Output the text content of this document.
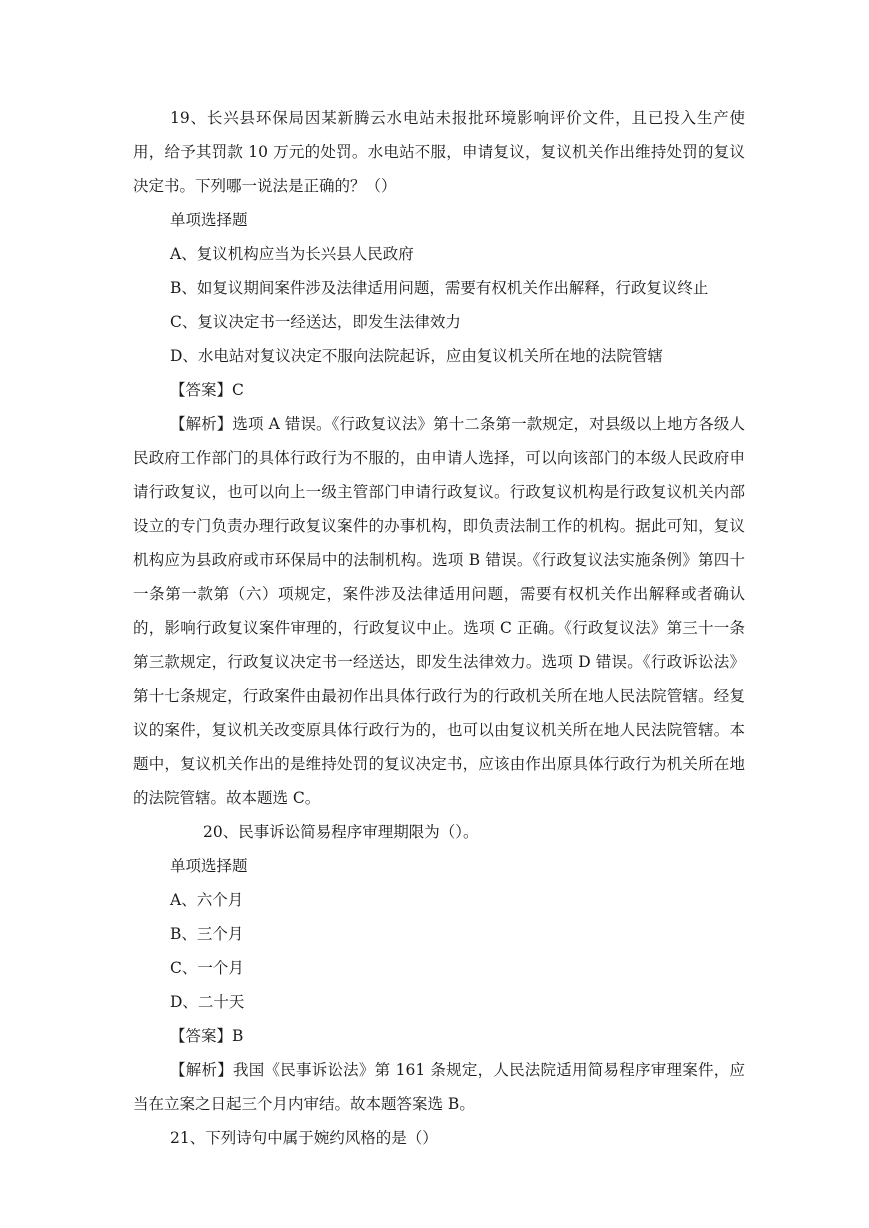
19、长兴县环保局因某新腾云水电站未报批环境影响评价文件，且已投入生产使用，给予其罚款 10 万元的处罚。水电站不服，申请复议，复议机关作出维持处罚的复议决定书。下列哪一说法是正确的？（）

单项选择题

A、复议机构应当为长兴县人民政府

B、如复议期间案件涉及法律适用问题，需要有权机关作出解释，行政复议终止

C、复议决定书一经送达，即发生法律效力

D、水电站对复议决定不服向法院起诉，应由复议机关所在地的法院管辖

【答案】C

【解析】选项 A 错误。《行政复议法》第十二条第一款规定，对县级以上地方各级人民政府工作部门的具体行政行为不服的，由申请人选择，可以向该部门的本级人民政府申请行政复议，也可以向上一级主管部门申请行政复议。行政复议机构是行政复议机关内部设立的专门负责办理行政复议案件的办事机构，即负责法制工作的机构。据此可知，复议机构应为县政府或市环保局中的法制机构。选项 B 错误。《行政复议法实施条例》第四十一条第一款第（六）项规定，案件涉及法律适用问题，需要有权机关作出解释或者确认的，影响行政复议案件审理的，行政复议中止。选项 C 正确。《行政复议法》第三十一条第三款规定，行政复议决定书一经送达，即发生法律效力。选项 D 错误。《行政诉讼法》第十七条规定，行政案件由最初作出具体行政行为的行政机关所在地人民法院管辖。经复议的案件，复议机关改变原具体行政行为的，也可以由复议机关所在地人民法院管辖。本题中，复议机关作出的是维持处罚的复议决定书，应该由作出原具体行政行为机关所在地的法院管辖。故本题选 C。

20、民事诉讼简易程序审理期限为（）。

单项选择题

A、六个月

B、三个月

C、一个月

D、二十天

【答案】B

【解析】我国《民事诉讼法》第 161 条规定，人民法院适用简易程序审理案件，应当在立案之日起三个月内审结。故本题答案选 B。

21、下列诗句中属于婉约风格的是（）
